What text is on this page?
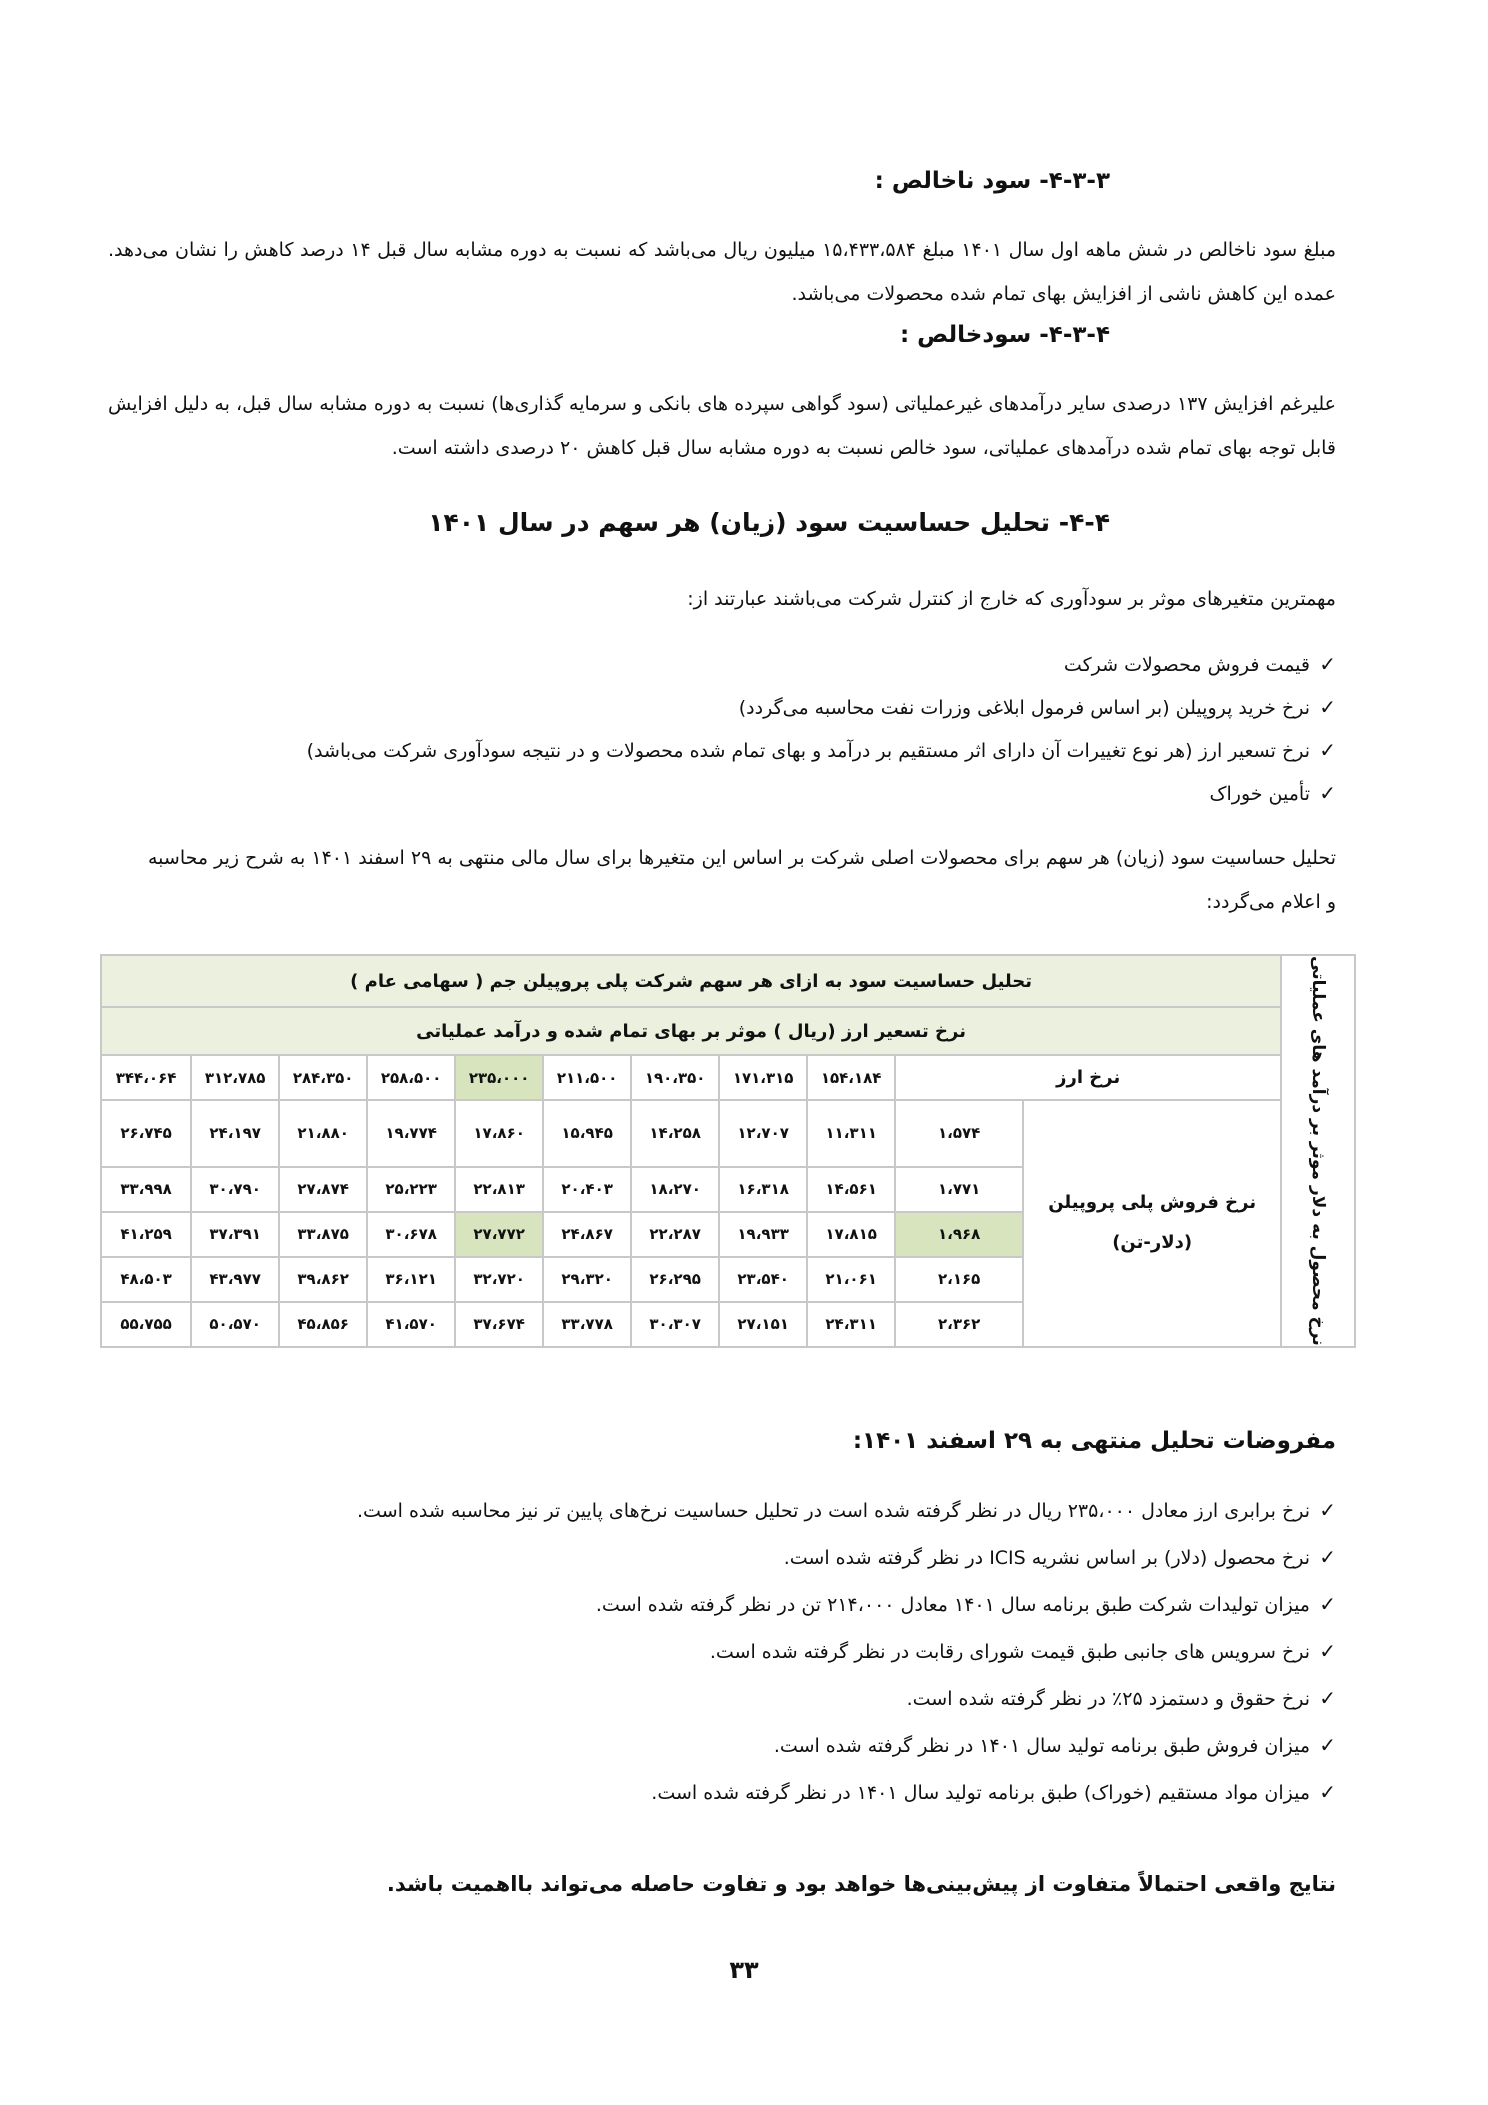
۴-۳-۳- سود ناخالص :
مبلغ سود ناخالص در شش ماهه اول سال ۱۴۰۱ مبلغ ۱۵،۴۳۳،۵۸۴ میلیون ریال می‌باشد که نسبت به دوره مشابه سال قبل ۱۴ درصد کاهش را نشان می‌دهد. عمده این کاهش ناشی از افزایش بهای تمام شده محصولات می‌باشد.
۴-۳-۴- سودخالص :
علیرغم افزایش ۱۳۷ درصدی سایر درآمدهای غیرعملیاتی (سود گواهی سپرده های بانکی و سرمایه گذاری‌ها) نسبت به دوره مشابه سال قبل، به دلیل افزایش قابل توجه بهای تمام شده درآمدهای عملیاتی، سود خالص نسبت به دوره مشابه سال قبل کاهش ۲۰ درصدی داشته است.
۴-۴- تحلیل حساسیت سود (زیان) هر سهم در سال ۱۴۰۱
مهمترین متغیرهای موثر بر سودآوری که خارج از کنترل شرکت می‌باشند عبارتند از:
✓قیمت فروش محصولات شرکت
✓نرخ خرید پروپیلن (بر اساس فرمول ابلاغی وزرات نفت محاسبه می‌گردد)
✓نرخ تسعیر ارز (هر نوع تغییرات آن دارای اثر مستقیم بر درآمد و بهای تمام شده محصولات و در نتیجه سودآوری شرکت می‌باشد)
✓تأمین خوراک
تحلیل حساسیت سود (زیان) هر سهم برای محصولات اصلی شرکت بر اساس این متغیرها برای سال مالی منتهی به ۲۹ اسفند ۱۴۰۱ به شرح زیر محاسبه و اعلام می‌گردد:
نرخ محصول به دلار موثر بر درآمد های عملیاتی	تحلیل حساسیت سود به ازای هر سهم شرکت پلی پروپیلن جم ( سهامی عام )										
	نرخ تسعیر ارز (ریال ) موثر بر بهای تمام شده و درآمد عملیاتی										
	نرخ ارز		۱۵۴،۱۸۴	۱۷۱،۳۱۵	۱۹۰،۳۵۰	۲۱۱،۵۰۰	۲۳۵،۰۰۰	۲۵۸،۵۰۰	۲۸۴،۳۵۰	۳۱۲،۷۸۵	۳۴۴،۰۶۴

	نرخ فروش پلی پروپیلن
(دلار-تن)	۱،۵۷۴	۱۱،۳۱۱	۱۲،۷۰۷	۱۴،۲۵۸	۱۵،۹۴۵	۱۷،۸۶۰	۱۹،۷۷۴	۲۱،۸۸۰	۲۴،۱۹۷	۲۶،۷۴۵
		۱،۷۷۱	۱۴،۵۶۱	۱۶،۳۱۸	۱۸،۲۷۰	۲۰،۴۰۳	۲۲،۸۱۳	۲۵،۲۲۳	۲۷،۸۷۴	۳۰،۷۹۰	۳۳،۹۹۸
		۱،۹۶۸	۱۷،۸۱۵	۱۹،۹۳۳	۲۲،۲۸۷	۲۴،۸۶۷	۲۷،۷۷۲	۳۰،۶۷۸	۳۳،۸۷۵	۳۷،۳۹۱	۴۱،۲۵۹
		۲،۱۶۵	۲۱،۰۶۱	۲۳،۵۴۰	۲۶،۲۹۵	۲۹،۳۲۰	۳۲،۷۲۰	۳۶،۱۲۱	۳۹،۸۶۲	۴۳،۹۷۷	۴۸،۵۰۳
		۲،۳۶۲	۲۴،۳۱۱	۲۷،۱۵۱	۳۰،۳۰۷	۳۳،۷۷۸	۳۷،۶۷۴	۴۱،۵۷۰	۴۵،۸۵۶	۵۰،۵۷۰	۵۵،۷۵۵
مفروضات تحلیل منتهی به ۲۹ اسفند ۱۴۰۱:
✓نرخ برابری ارز معادل ۲۳۵،۰۰۰ ریال در نظر گرفته شده است در تحلیل حساسیت نرخ‌های پایین تر نیز محاسبه شده است.
✓نرخ محصول (دلار) بر اساس نشریه ICIS در نظر گرفته شده است.
✓میزان تولیدات شرکت طبق برنامه سال ۱۴۰۱ معادل ۲۱۴،۰۰۰ تن در نظر گرفته شده است.
✓نرخ سرویس های جانبی طبق قیمت شورای رقابت در نظر گرفته شده است.
✓نرخ حقوق و دستمزد ۲۵٪ در نظر گرفته شده است.
✓میزان فروش طبق برنامه تولید سال ۱۴۰۱ در نظر گرفته شده است.
✓میزان مواد مستقیم (خوراک) طبق برنامه تولید سال ۱۴۰۱ در نظر گرفته شده است.
نتایج واقعی احتمالاً متفاوت از پیش‌بینی‌ها خواهد بود و تفاوت حاصله می‌تواند بااهمیت باشد.
۳۳
